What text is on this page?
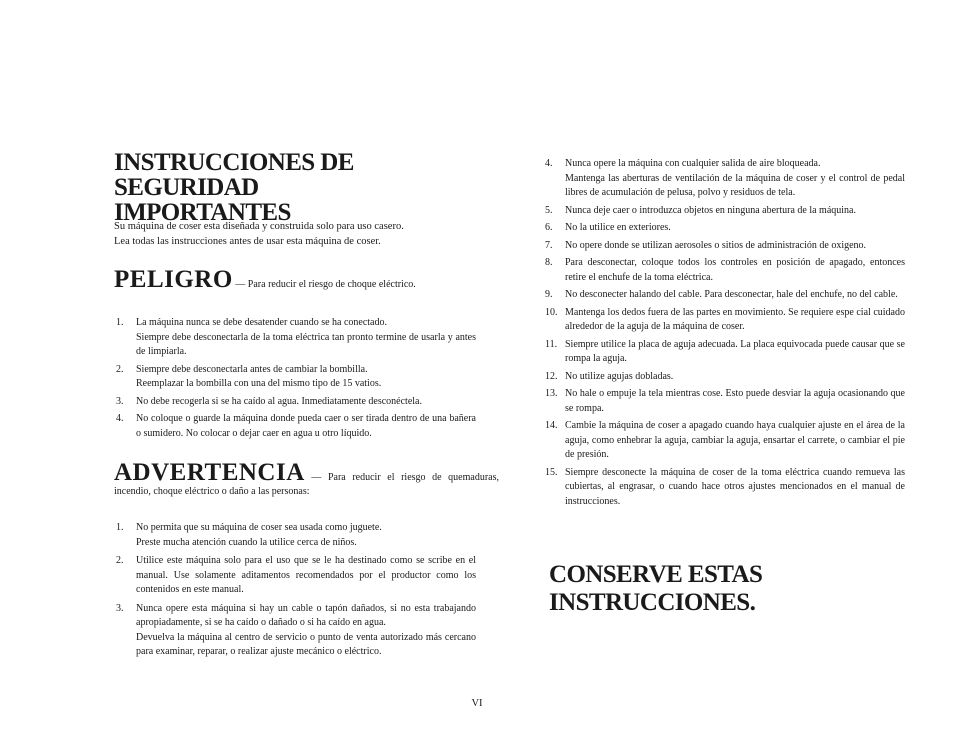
INSTRUCCIONES DE SEGURIDAD
IMPORTANTES
Su máquina de coser esta diseñada y construida solo para uso casero.
Lea todas las instrucciones antes de usar esta máquina de coser.
PELIGRO — Para reducir el riesgo de choque eléctrico.
1.	La máquina nunca se debe desatender cuando se ha conectado.
Siempre debe desconectarla de la toma eléctrica tan pronto termine de usarla y antes de limpiarla.
2.	Siempre debe desconectarla antes de cambiar la bombilla.
Reemplazar la bombilla con una del mismo tipo de 15 vatios.
3.	No debe recogerla si se ha caído al agua. Inmediatamente desconéctela.
4.	No coloque o guarde la máquina donde pueda caer o ser tirada dentro de una bañera o sumidero. No colocar o dejar caer en agua u otro líquido.
ADVERTENCIA — Para reducir el riesgo de quemaduras, incendio, choque eléctrico o daño a las personas:
1.	No permita que su máquina de coser sea usada como juguete.
Preste mucha atención cuando la utilice cerca de niños.
2.	Utilice este máquina solo para el uso que se le ha destinado como se scribe en el manual. Use solamente aditamentos recomendados por el productor como los contenidos en este manual.
3.	Nunca opere esta máquina si hay un cable o tapón dañados, si no esta trabajando apropiadamente, si se ha caído o dañado o si ha caído en agua.
Devuelva la máquina al centro de servicio o punto de venta autorizado más cercano para examinar, reparar, o realizar ajuste mecánico o eléctrico.
4.	Nunca opere la máquina con cualquier salida de aire bloqueada.
Mantenga las aberturas de ventilación de la máquina de coser y el control de pedal libres de acumulación de pelusa, polvo y residuos de tela.
5.	Nunca deje caer o introduzca objetos en ninguna abertura de la máquina.
6.	No la utilice en exteriores.
7.	No opere donde se utilizan aerosoles o sitios de administración de oxigeno.
8.	Para desconectar, coloque todos los controles en posición de apagado, entonces retire el enchufe de la toma eléctrica.
9.	No desconecter halando del cable. Para desconectar, hale del enchufe, no del cable.
10. Mantenga los dedos fuera de las partes en movimiento. Se requiere espe cial cuidado alrededor de la aguja de la máquina de coser.
11. Siempre utilice la placa de aguja adecuada. La placa equivocada puede causar que se rompa la aguja.
12. No utilize agujas dobladas.
13. No hale o empuje la tela mientras cose. Esto puede desviar la aguja ocasionando que se rompa.
14. Cambie la máquina de coser a apagado cuando haya cualquier ajuste en el área de la aguja, como enhebrar la aguja, cambiar la aguja, ensartar el carrete, o cambiar el pie de presión.
15. Siempre desconecte la máquina de coser de la toma eléctrica cuando remueva las cubiertas, al engrasar, o cuando hace otros ajustes mencionados en el manual de instrucciones.
CONSERVE ESTAS INSTRUCCIONES.
VI
